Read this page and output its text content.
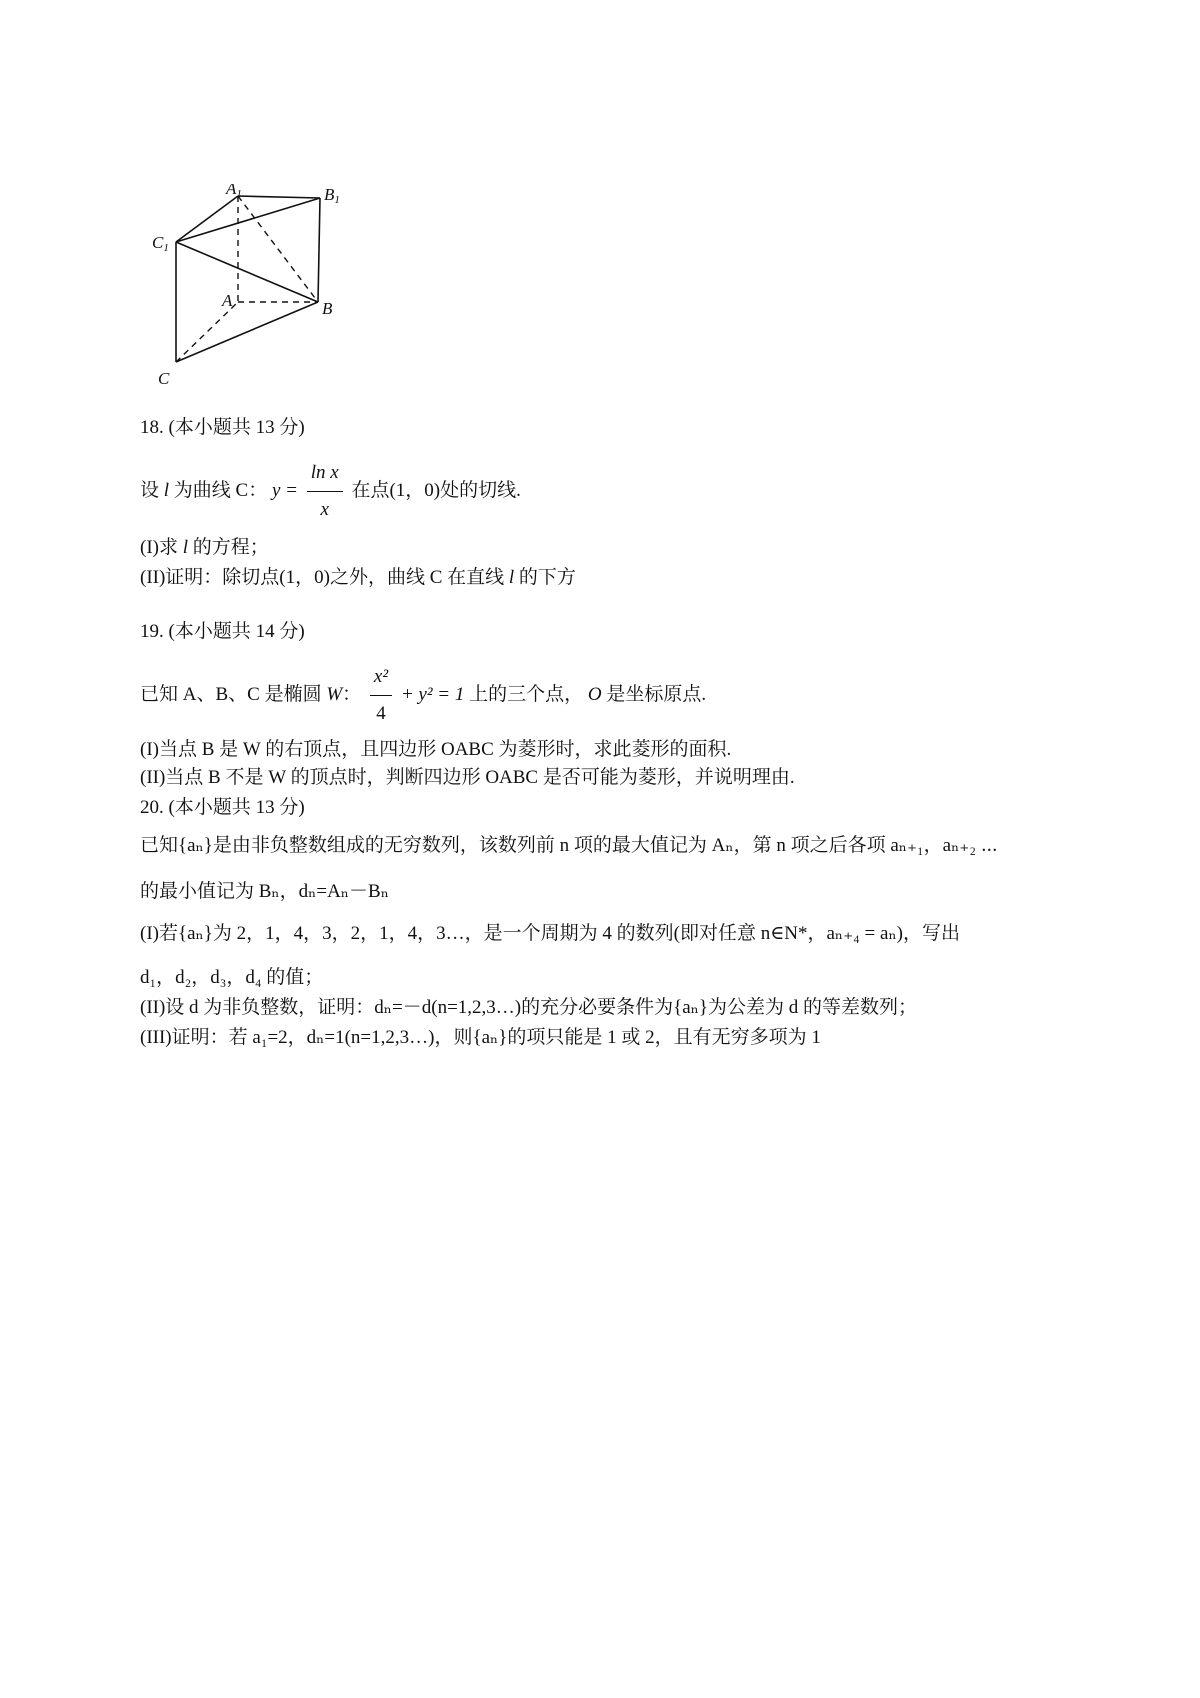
A1	B1
C1
A	B
C
18. (本小题共 13 分)
设 l 为曲线 C： $y = \frac{\text{ln x}}{x}$ 在点(1，0)处的切线.
(I)求 l 的方程；
(II)证明：除切点(1，0)之外，曲线 C 在直线 l 的下方
19. (本小题共 14 分)
已知 A、B、C 是椭圆 W： $\frac{\text{x²}}{4} + y^2 = 1$ 上的三个点， O 是坐标原点.
(I)当点 B 是 W 的右顶点，且四边形 OABC 为菱形时，求此菱形的面积.
(II)当点 B 不是 W 的顶点时，判断四边形 OABC 是否可能为菱形，并说明理由.
20. (本小题共 13 分)
已知{aₙ}是由非负整数组成的无穷数列，该数列前 n 项的最大值记为 Aₙ，第 n 项之后各项 aₙ₊₁，aₙ₊₂ ⋯
的最小值记为 Bₙ，dₙ=Aₙ－Bₙ
(I)若{aₙ}为 2，1，4，3，2，1，4，3…，是一个周期为 4 的数列(即对任意 n∈N*，aₙ₊₄ = aₙ)，写出
d₁，d₂，d₃，d₄ 的值；
(II)设 d 为非负整数，证明：dₙ=－d(n=1,2,3…)的充分必要条件为{aₙ}为公差为 d 的等差数列；
(III)证明：若 a₁=2，dₙ=1(n=1,2,3…)，则{aₙ}的项只能是 1 或 2，且有无穷多项为 1
